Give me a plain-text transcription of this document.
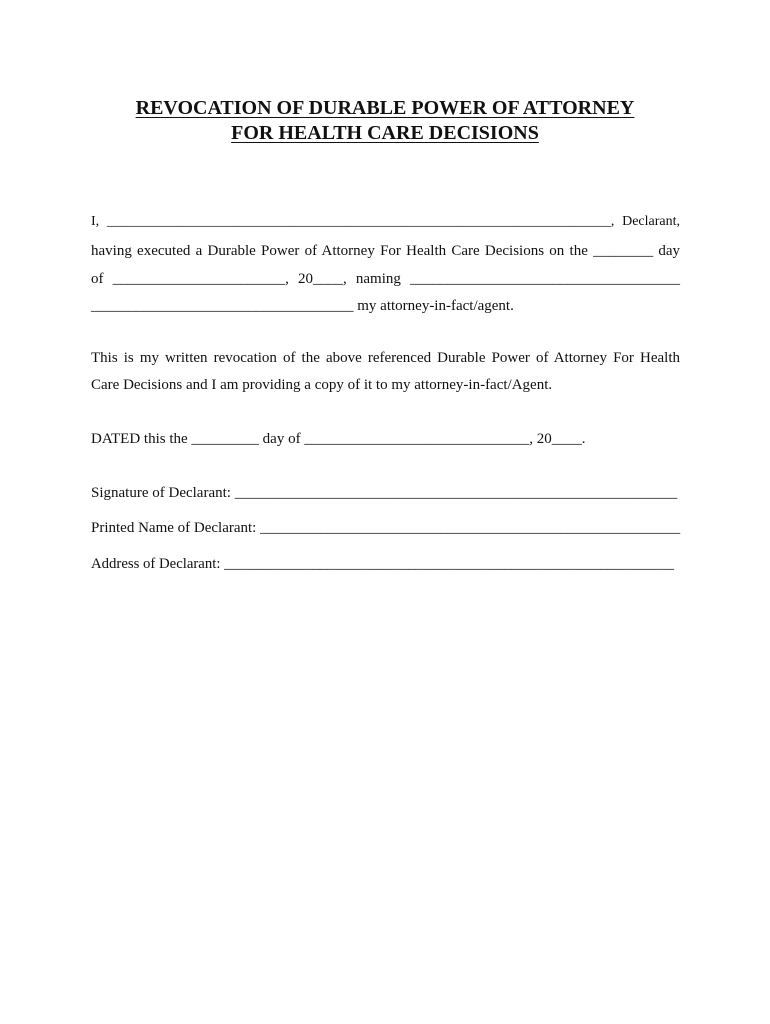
REVOCATION OF DURABLE POWER OF ATTORNEY
FOR HEALTH CARE DECISIONS
I, ________________________________________________________________________, Declarant,
having executed a Durable Power of Attorney For Health Care Decisions on the ________ day
of _______________________, 20____, naming ____________________________________
___________________________________ my attorney-in-fact/agent.
This is my written revocation of the above referenced Durable Power of Attorney For Health
Care Decisions and I am providing a copy of it to my attorney-in-fact/Agent.
DATED this the _________ day of ______________________________, 20____.
Signature of Declarant: ___________________________________________________________
Printed Name of Declarant: ________________________________________________________
Address of Declarant: _____________________________________________________________
